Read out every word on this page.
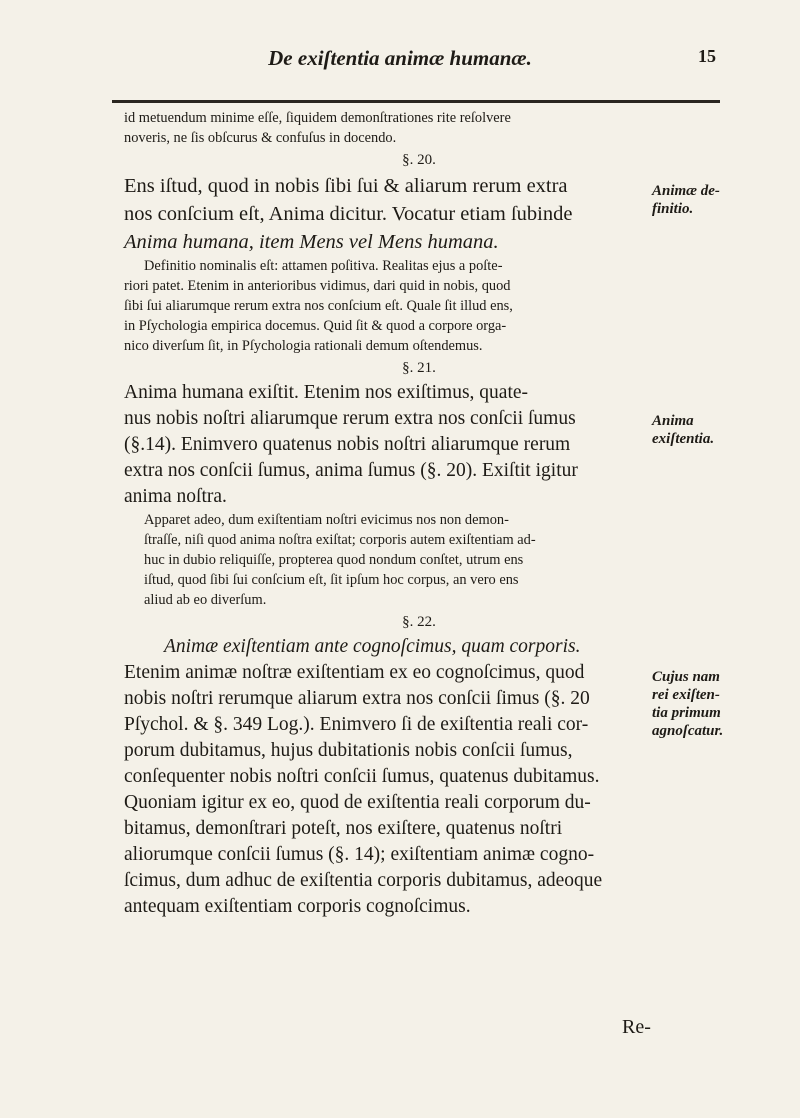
De exiſtentia animæ humanæ.	15
id metuendum minime eſſe, ſiquidem demonſtrationes rite reſolvere
noveris, ne ſis obſcurus & confuſus in docendo.
§. 20.
Ens iſtud, quod in nobis ſibi ſui & aliarum rerum extra
nos conſcium eſt, Anima dicitur. Vocatur etiam ſubinde
Anima humana, item Mens vel Mens humana.
Definitio nominalis eſt: attamen poſitiva. Realitas ejus a poſte-
riori patet. Etenim in anterioribus vidimus, dari quid in nobis, quod
ſibi ſui aliarumque rerum extra nos conſcium eſt. Quale ſit illud ens,
in Pſychologia empirica docemus. Quid ſit & quod a corpore orga-
nico diverſum ſit, in Pſychologia rationali demum oſtendemus.
§. 21.
Anima humana exiſtit. Etenim nos exiſtimus, quate-
nus nobis noſtri aliarumque rerum extra nos conſcii ſumus
(§.14). Enimvero quatenus nobis noſtri aliarumque rerum
extra nos conſcii ſumus, anima ſumus (§. 20). Exiſtit igitur
anima noſtra.
Apparet adeo, dum exiſtentiam noſtri evicimus nos non demon-
ſtraſſe, niſi quod anima noſtra exiſtat; corporis autem exiſtentiam ad-
huc in dubio reliquiſſe, propterea quod nondum conſtet, utrum ens
iſtud, quod ſibi ſui conſcium eſt, ſit ipſum hoc corpus, an vero ens
aliud ab eo diverſum.
§. 22.
Animæ exiſtentiam ante cognoſcimus, quam corporis.
Etenim animæ noſtræ exiſtentiam ex eo cognoſcimus, quod
nobis noſtri rerumque aliarum extra nos conſcii ſimus (§. 20
Pſychol. & §. 349 Log.). Enimvero ſi de exiſtentia reali cor-
porum dubitamus, hujus dubitationis nobis conſcii ſumus,
conſequenter nobis noſtri conſcii ſumus, quatenus dubitamus.
Quoniam igitur ex eo, quod de exiſtentia reali corporum du-
bitamus, demonſtrari poteſt, nos exiſtere, quatenus noſtri
aliorumque conſcii ſumus (§. 14); exiſtentiam animæ cogno-
ſcimus, dum adhuc de exiſtentia corporis dubitamus, adeoque
antequam exiſtentiam corporis cognoſcimus.
Animæ de-
finitio.
Anima
exiſtentia.
Cujus nam
rei exiſten-
tia primum
agnoſcatur.
Re-
